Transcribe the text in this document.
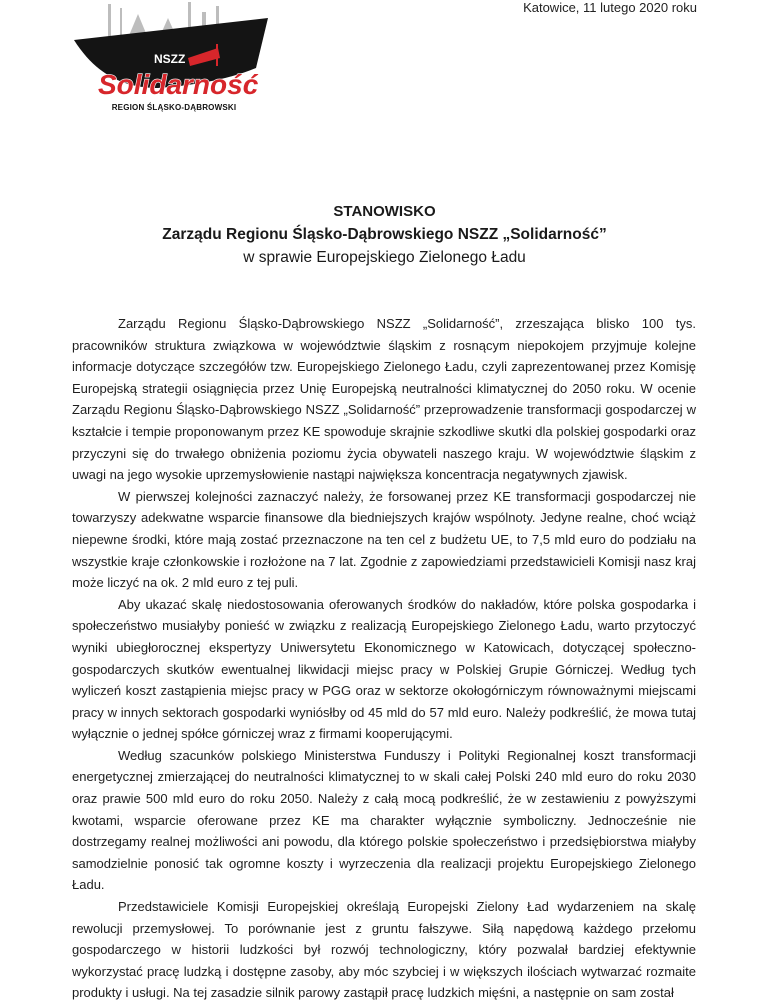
Katowice, 11 lutego 2020 roku
NSZZ
Solidarność
REGION ŚLĄSKO-DĄBROWSKI
STANOWISKO
Zarządu Regionu Śląsko-Dąbrowskiego NSZZ „Solidarność”
w sprawie Europejskiego Zielonego Ładu

Zarządu Regionu Śląsko-Dąbrowskiego NSZZ „Solidarność”, zrzeszająca blisko 100 tys. pracowników struktura związkowa w województwie śląskim z rosnącym niepokojem przyjmuje kolejne informacje dotyczące szczegółów tzw. Europejskiego Zielonego Ładu, czyli zaprezentowanej przez Komisję Europejską strategii osiągnięcia przez Unię Europejską neutralności klimatycznej do 2050 roku. W ocenie Zarządu Regionu Śląsko-Dąbrowskiego NSZZ „Solidarność” przeprowadzenie transformacji gospodarczej w kształcie i tempie proponowanym przez KE spowoduje skrajnie szkodliwe skutki dla polskiej gospodarki oraz przyczyni się do trwałego obniżenia poziomu życia obywateli naszego kraju. W województwie śląskim z uwagi na jego wysokie uprzemysłowienie nastąpi największa koncentracja negatywnych zjawisk.

W pierwszej kolejności zaznaczyć należy, że forsowanej przez KE transformacji gospodarczej nie towarzyszy adekwatne wsparcie finansowe dla biedniejszych krajów wspólnoty. Jedyne realne, choć wciąż niepewne środki, które mają zostać przeznaczone na ten cel z budżetu UE, to 7,5 mld euro do podziału na wszystkie kraje członkowskie i rozłożone na 7 lat. Zgodnie z zapowiedziami przedstawicieli Komisji nasz kraj może liczyć na ok. 2 mld euro z tej puli.

Aby ukazać skalę niedostosowania oferowanych środków do nakładów, które polska gospodarka i społeczeństwo musiałyby ponieść w związku z realizacją Europejskiego Zielonego Ładu, warto przytoczyć wyniki ubiegłorocznej ekspertyzy Uniwersytetu Ekonomicznego w Katowicach, dotyczącej społeczno-gospodarczych skutków ewentualnej likwidacji miejsc pracy w Polskiej Grupie Górniczej. Według tych wyliczeń koszt zastąpienia miejsc pracy w PGG oraz w sektorze okołogórniczym równoważnymi miejscami pracy w innych sektorach gospodarki wyniósłby od 45 mld do 57 mld euro. Należy podkreślić, że mowa tutaj wyłącznie o jednej spółce górniczej wraz z firmami kooperującymi.

Według szacunków polskiego Ministerstwa Funduszy i Polityki Regionalnej koszt transformacji energetycznej zmierzającej do neutralności klimatycznej to w skali całej Polski 240 mld euro do roku 2030 oraz prawie 500 mld euro do roku 2050. Należy z całą mocą podkreślić, że w zestawieniu z powyższymi kwotami, wsparcie oferowane przez KE ma charakter wyłącznie symboliczny. Jednocześnie nie dostrzegamy realnej możliwości ani powodu, dla którego polskie społeczeństwo i przedsiębiorstwa miałyby samodzielnie ponosić tak ogromne koszty i wyrzeczenia dla realizacji projektu Europejskiego Zielonego Ładu.

Przedstawiciele Komisji Europejskiej określają Europejski Zielony Ład wydarzeniem na skalę rewolucji przemysłowej. To porównanie jest z gruntu fałszywe. Siłą napędową każdego przełomu gospodarczego w historii ludzkości był rozwój technologiczny, który pozwalał bardziej efektywnie wykorzystać pracę ludzką i dostępne zasoby, aby móc szybciej i w większych ilościach wytwarzać rozmaite produkty i usługi. Na tej zasadzie silnik parowy zastąpił pracę ludzkich mięśni, a następnie on sam został
